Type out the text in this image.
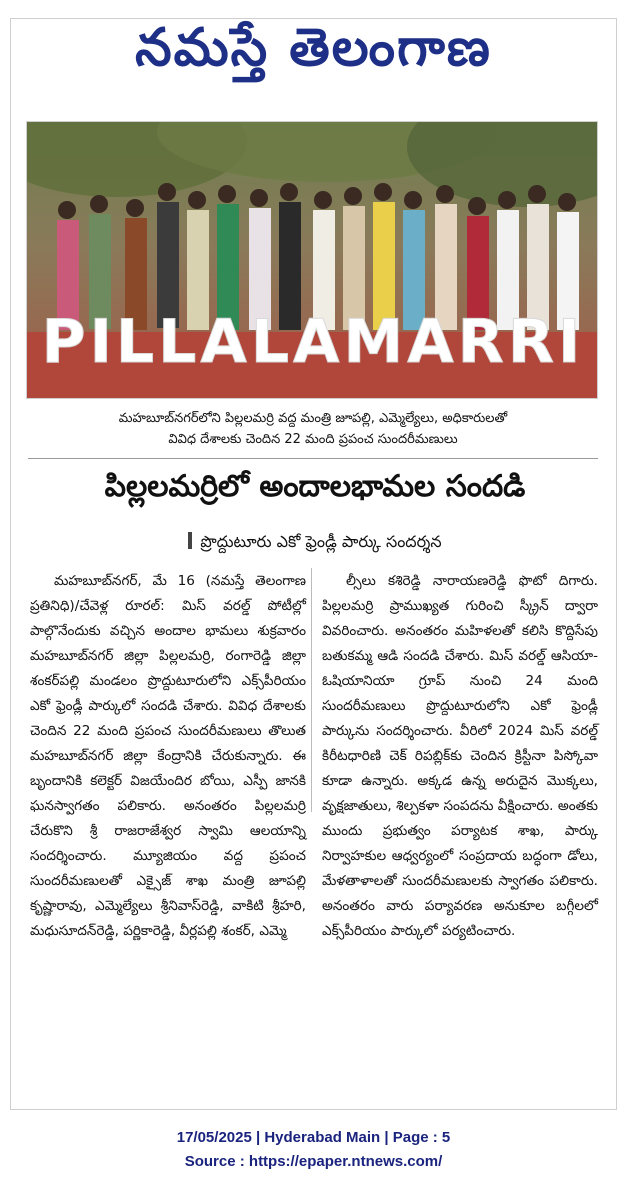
నమస్తే తెలంగాణ
PILLALAMARRI
మహబూబ్‌నగర్‌లోని పిల్లలమర్రి వద్ద మంత్రి జూపల్లి, ఎమ్మెల్యేలు, అధికారులతో
వివిధ దేశాలకు చెందిన 22 మంది ప్రపంచ సుందరీమణులు
పిల్లలమర్రిలో అందాలభామల సందడి
ప్రొద్దుటూరు ఎకో ఫ్రెండ్లీ పార్కు సందర్శన

మహబూబ్‌నగర్, మే 16 (నమస్తే తెలంగాణ ప్రతినిధి)/చేవెళ్ల రూరల్: మిస్ వరల్డ్ పోటీల్లో పాల్గొనేందుకు వచ్చిన అందాల భామలు శుక్రవారం మహబూబ్‌నగర్ జిల్లా పిల్లలమర్రి, రంగారెడ్డి జిల్లా శంకర్‌పల్లి మండలం ప్రొద్దుటూరులోని ఎక్స్‌పీరియం ఎకో ఫ్రెండ్లీ పార్కులో సందడి చేశారు. వివిధ దేశాలకు చెందిన 22 మంది ప్రపంచ సుందరీమణులు తొలుత మహబూబ్‌నగర్ జిల్లా కేంద్రానికి చేరుకున్నారు. ఈ బృందానికి కలెక్టర్ విజయేందిర బోయి, ఎస్పీ జానకి ఘనస్వాగతం పలికారు. అనంతరం పిల్లలమర్రి చేరుకొని శ్రీ రాజరాజేశ్వర స్వామి ఆలయాన్ని సందర్శించారు. మ్యూజియం వద్ద ప్రపంచ సుందరీమణులతో ఎక్సైజ్ శాఖ మంత్రి జూపల్లి కృష్ణారావు, ఎమ్మెల్యేలు శ్రీనివాస్‌రెడ్డి, వాకిటి శ్రీహరి, మధుసూదన్‌రెడ్డి, పర్ణికారెడ్డి, వీర్లపల్లి శంకర్, ఎమ్మె

ల్సీలు కశిరెడ్డి నారాయణరెడ్డి ఫొటో దిగారు. పిల్లలమర్రి ప్రాముఖ్యత గురించి స్క్రీన్ ద్వారా వివరించారు. అనంతరం మహిళలతో కలిసి కొద్దిసేపు బతుకమ్మ ఆడి సందడి చేశారు. మిస్ వరల్డ్ ఆసియా-ఓషియానియా గ్రూప్ నుంచి 24 మంది సుందరీమణులు ప్రొద్దుటూరులోని ఎకో ఫ్రెండ్లీ పార్కును సందర్శించారు. వీరిలో 2024 మిస్ వరల్డ్ కిరీటధారిణి చెక్ రిపబ్లిక్‌కు చెందిన క్రిస్టీనా పిస్కోవా కూడా ఉన్నారు. అక్కడ ఉన్న అరుదైన మొక్కలు, వృక్షజాతులు, శిల్పకళా సంపదను వీక్షించారు. అంతకు ముందు ప్రభుత్వం పర్యాటక శాఖ, పార్కు నిర్వాహకుల ఆధ్వర్యంలో సంప్రదాయ బద్ధంగా డోలు, మేళతాళాలతో సుందరీమణులకు స్వాగతం పలికారు. అనంతరం వారు పర్యావరణ అనుకూల బగ్గీలలో ఎక్స్‌పీరియం పార్కులో పర్యటించారు.

17/05/2025 | Hyderabad Main | Page : 5
Source : https://epaper.ntnews.com/
